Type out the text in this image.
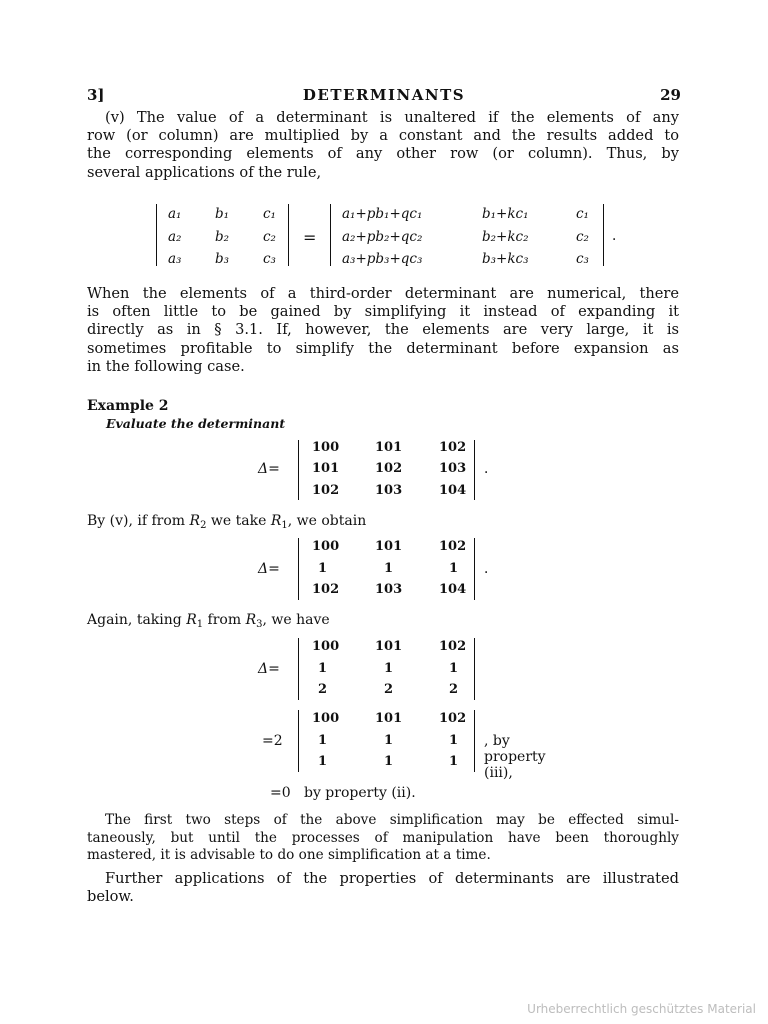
3]	DETERMINANTS	29
(v) The value of a determinant is unaltered if the elements of any
row (or column) are multiplied by a constant and the results added to
the corresponding elements of any other row (or column). Thus, by
several applications of the rule,
a₁ b₁	c₁
a₂ b₂	c₂
a₃ b₃	c₃
=
a₁+pb₁+qc₁	b₁+kc₁	c₁
a₂+pb₂+qc₂	b₂+kc₂	c₂
a₃+pb₃+qc₃	b₃+kc₃	c₃
.
When the elements of a third-order determinant are numerical, there
is often little to be gained by simplifying it instead of expanding it
directly as in § 3.1. If, however, the elements are very large, it is
sometimes profitable to simplify the determinant before expansion as
in the following case.
Example 2
Evaluate the determinant
Δ=
100	101	102
101	102	103
102	103	104
.
By (v), if from $R_2$ we take $R_1$, we obtain
Δ=
100	101	102
1	1	1
102	103	104
.
Again, taking $R_1$ from $R_3$, we have
Δ=
100	101	102
1	1	1
2	2	2
=2
100	101	102
1	1	1
1	1	1
, by property (iii),
=0   by property (ii).
The first two steps of the above simplification may be effected simul-
taneously, but until the processes of manipulation have been thoroughly
mastered, it is advisable to do one simplification at a time.
Further applications of the properties of determinants are illustrated
below.
Urheberrechtlich geschütztes Material
